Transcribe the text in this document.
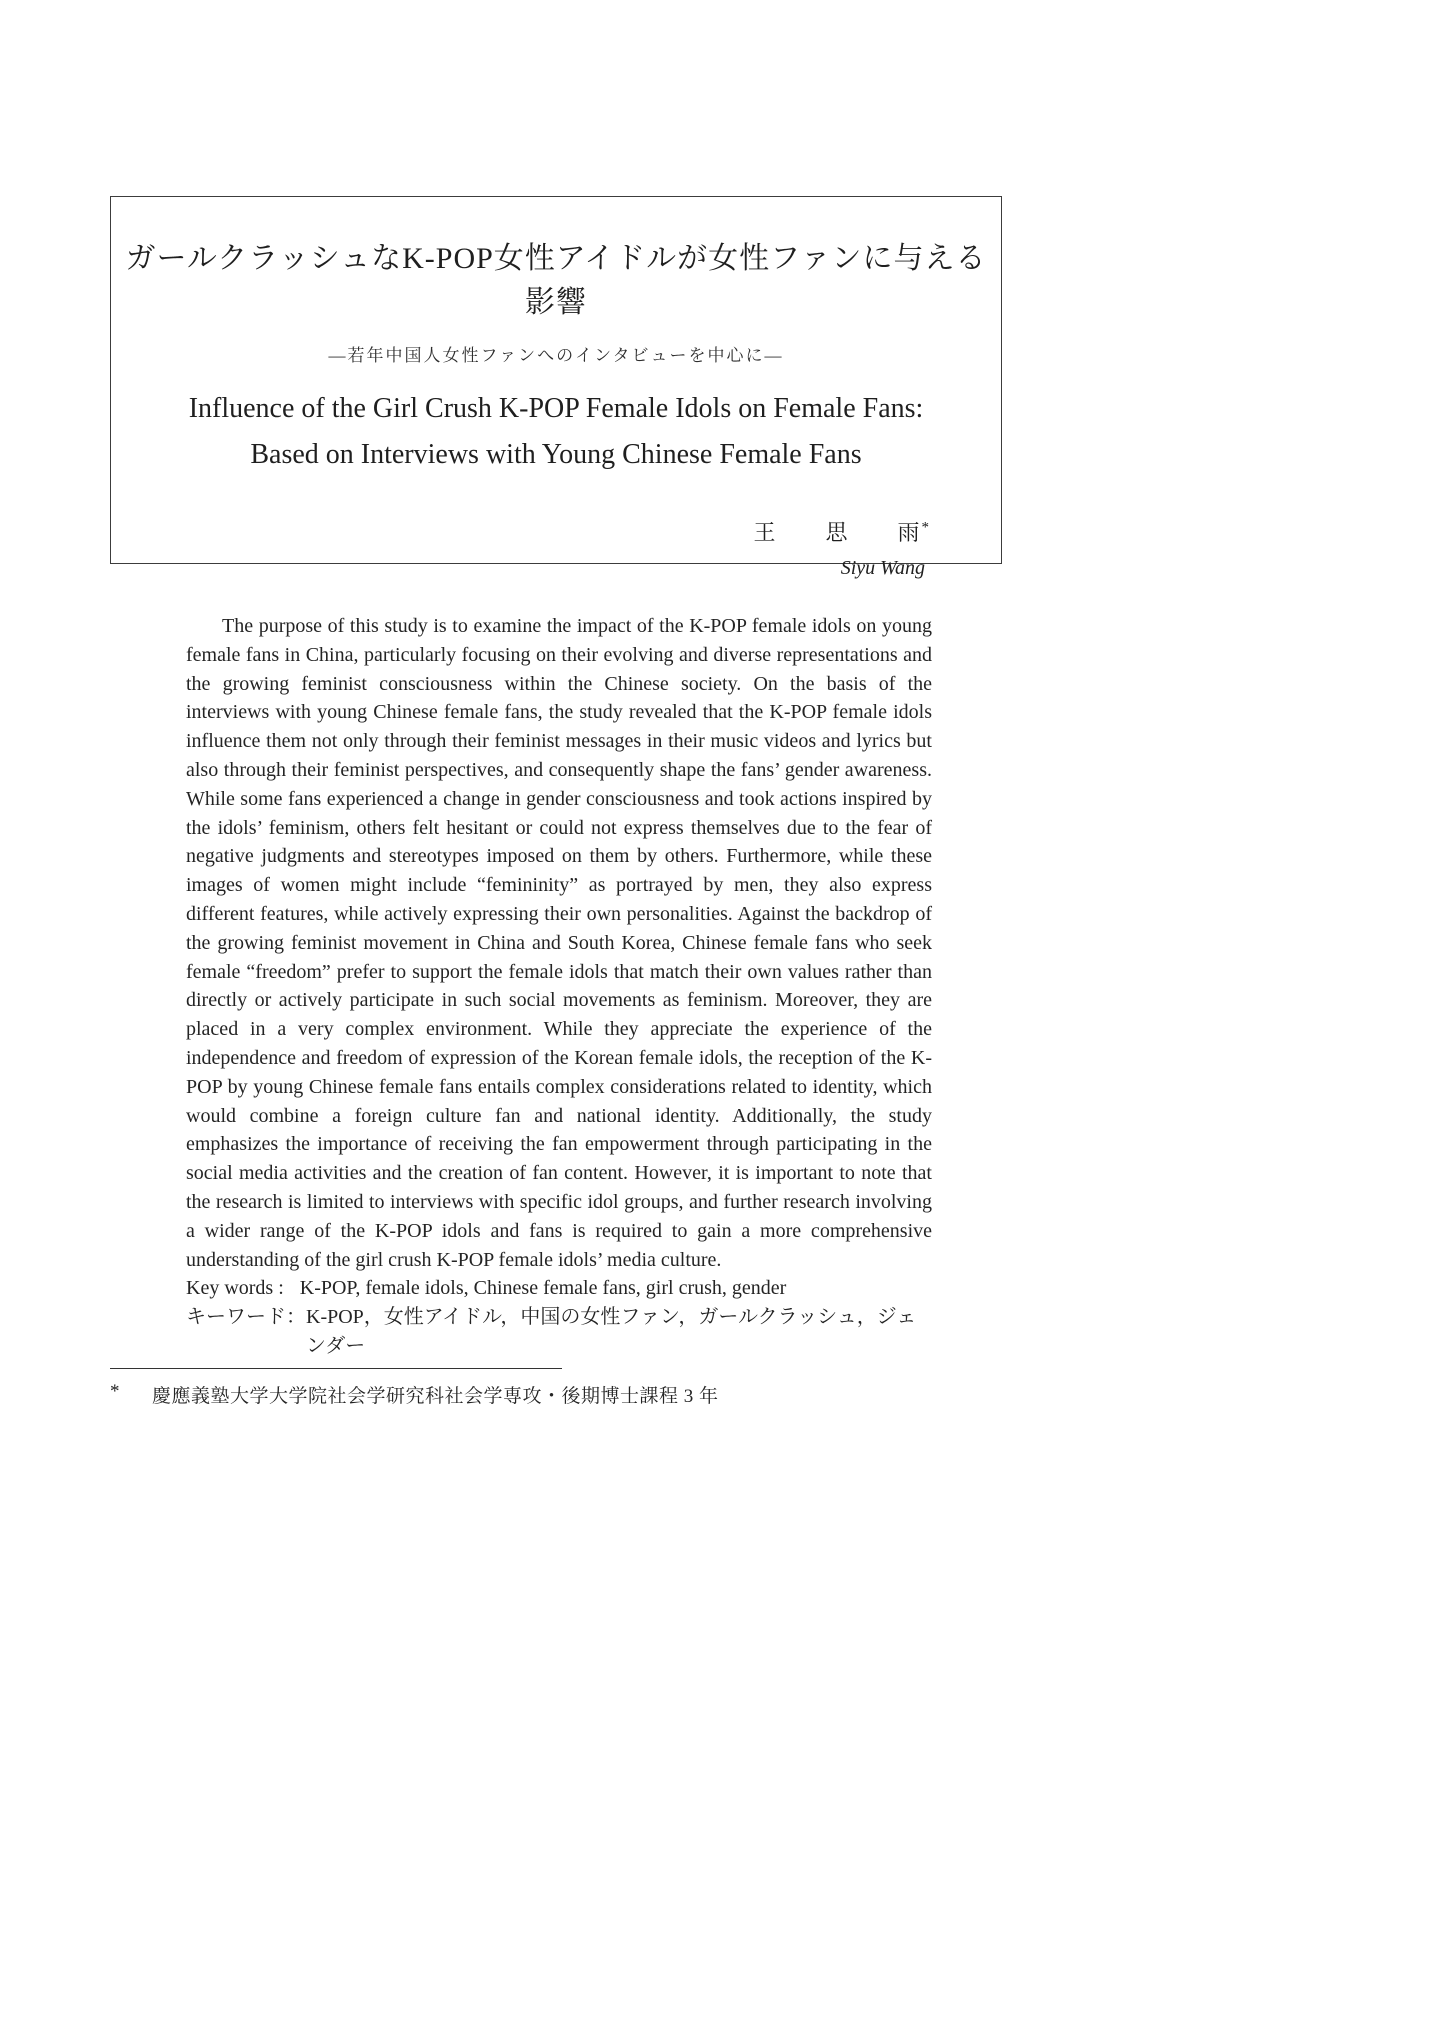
ガールクラッシュなK-POP女性アイドルが女性ファンに与える影響
―若年中国人女性ファンへのインタビューを中心に―
Influence of the Girl Crush K-POP Female Idols on Female Fans:
Based on Interviews with Young Chinese Female Fans
王　　思　　雨*
Siyu Wang

The purpose of this study is to examine the impact of the K-POP female idols on young female fans in China, particularly focusing on their evolving and diverse representations and the growing feminist consciousness within the Chinese society. On the basis of the interviews with young Chinese female fans, the study revealed that the K-POP female idols influence them not only through their feminist messages in their music videos and lyrics but also through their feminist perspectives, and consequently shape the fans’ gender awareness. While some fans experienced a change in gender consciousness and took actions inspired by the idols’ feminism, others felt hesitant or could not express themselves due to the fear of negative judgments and stereotypes imposed on them by others. Furthermore, while these images of women might include “femininity” as portrayed by men, they also express different features, while actively expressing their own personalities. Against the backdrop of the growing feminist movement in China and South Korea, Chinese female fans who seek female “freedom” prefer to support the female idols that match their own values rather than directly or actively participate in such social movements as feminism. Moreover, they are placed in a very complex environment. While they appreciate the experience of the independence and freedom of expression of the Korean female idols, the reception of the K-POP by young Chinese female fans entails complex considerations related to identity, which would combine a foreign culture fan and national identity. Additionally, the study emphasizes the importance of receiving the fan empowerment through participating in the social media activities and the creation of fan content. However, it is important to note that the research is limited to interviews with specific idol groups, and further research involving a wider range of the K-POP idols and fans is required to gain a more comprehensive understanding of the girl crush K-POP female idols’ media culture.

Key words : K-POP, female idols, Chinese female fans, girl crush, gender
キーワード： K-POP，女性アイドル，中国の女性ファン，ガールクラッシュ，ジェンダー
*	慶應義塾大学大学院社会学研究科社会学専攻・後期博士課程 3 年
